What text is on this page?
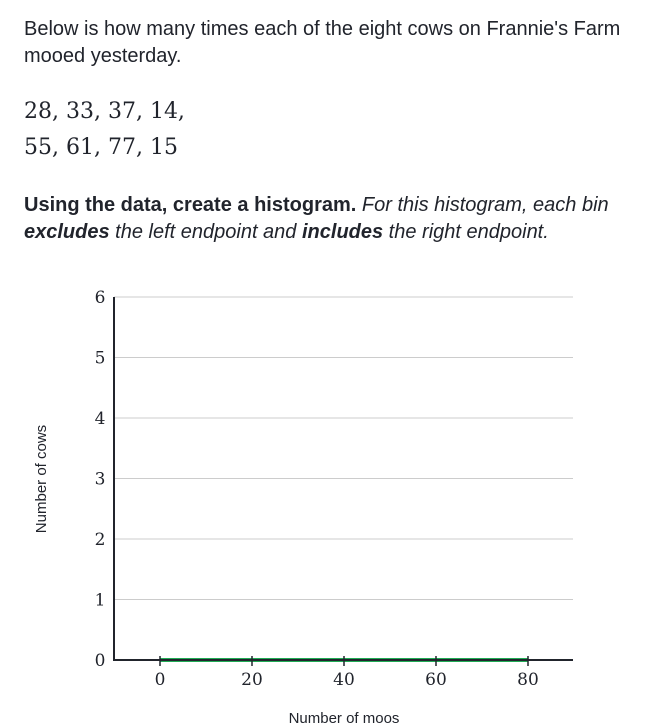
Below is how many times each of the eight cows on Frannie's Farm mooed yesterday.

28, 33, 37, 14,
55, 61, 77, 15
Using the data, create a histogram. For this histogram, each bin excludes the left endpoint and includes the right endpoint.
0
1
2
3
4
5
6
0	20	40	60	80
Number of cows
Number of moos
